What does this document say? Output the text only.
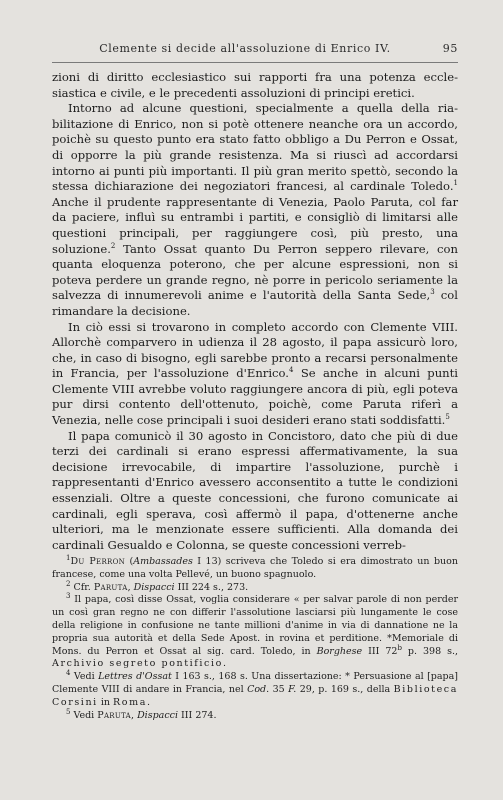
Clemente si decide all'assoluzione di Enrico IV.	95

zioni di diritto ecclesiastico sui rapporti fra una potenza ecclesiastica e civile, e le precedenti assoluzioni di principi eretici.

Intorno ad alcune questioni, specialmente a quella della riabilitazione di Enrico, non si potè ottenere neanche ora un accordo, poichè su questo punto era stato fatto obbligo a Du Perron e Ossat, di opporre la più grande resistenza. Ma si riuscì ad accordarsi intorno ai punti più importanti. Il più gran merito spettò, secondo la stessa dichiarazione dei negoziatori francesi, al cardinale Toledo.$^1$ Anche il prudente rappresentante di Venezia, Paolo Paruta, col far da paciere, influì su entrambi i partiti, e consigliò di limitarsi alle questioni principali, per raggiungere così, più presto, una soluzione.$^2$ Tanto Ossat quanto Du Perron seppero rilevare, con quanta eloquenza poterono, che per alcune espressioni, non si poteva perdere un grande regno, nè porre in pericolo seriamente la salvezza di innumerevoli anime e l'autorità della Santa Sede,$^3$ col rimandare la decisione.

In ciò essi si trovarono in completo accordo con Clemente VIII. Allorchè comparvero in udienza il 28 agosto, il papa assicurò loro, che, in caso di bisogno, egli sarebbe pronto a recarsi personalmente in Francia, per l'assoluzione d'Enrico.$^4$ Se anche in alcuni punti Clemente VIII avrebbe voluto raggiungere ancora di più, egli poteva pur dirsi contento dell'ottenuto, poichè, come Paruta riferì a Venezia, nelle cose principali i suoi desideri erano stati soddisfatti.$^5$

Il papa comunicò il 30 agosto in Concistoro, dato che più di due terzi dei cardinali si erano espressi affermativamente, la sua decisione irrevocabile, di impartire l'assoluzione, purchè i rappresentanti d'Enrico avessero acconsentito a tutte le condizioni essenziali. Oltre a queste concessioni, che furono comunicate ai cardinali, egli sperava, così affermò il papa, d'ottenerne anche ulteriori, ma le menzionate essere sufficienti. Alla domanda dei cardinali Gesualdo e Colonna, se queste concessioni verreb-

$^1$Du Perron (Ambassades I 13) scriveva che Toledo si era dimostrato un buon francese, come una volta Pellevé, un buono spagnuolo.

$^2$ Cfr. Paruta, Dispacci III 224 s., 273.

$^3$ Il papa, così disse Ossat, voglia considerare « per salvar parole di non perder un così gran regno ne con differir l'assolutione lasciarsi più lungamente le cose della religione in confusione ne tante millioni d'anime in via di dannatione ne la propria sua autorità et della Sede Apost. in rovina et perditione. *Memoriale di Mons. du Perron et Ossat al sig. card. Toledo, in Borghese III 72$^b$ p. 398 s., Archivio segreto pontificio.

$^4$ Vedi Lettres d'Ossat I 163 s., 168 s. Una dissertazione: * Persuasione al [papa] Clemente VIII di andare in Francia, nel Cod. 35 F. 29, p. 169 s., della Biblioteca Corsini in Roma.

$^5$ Vedi Paruta, Dispacci III 274.
